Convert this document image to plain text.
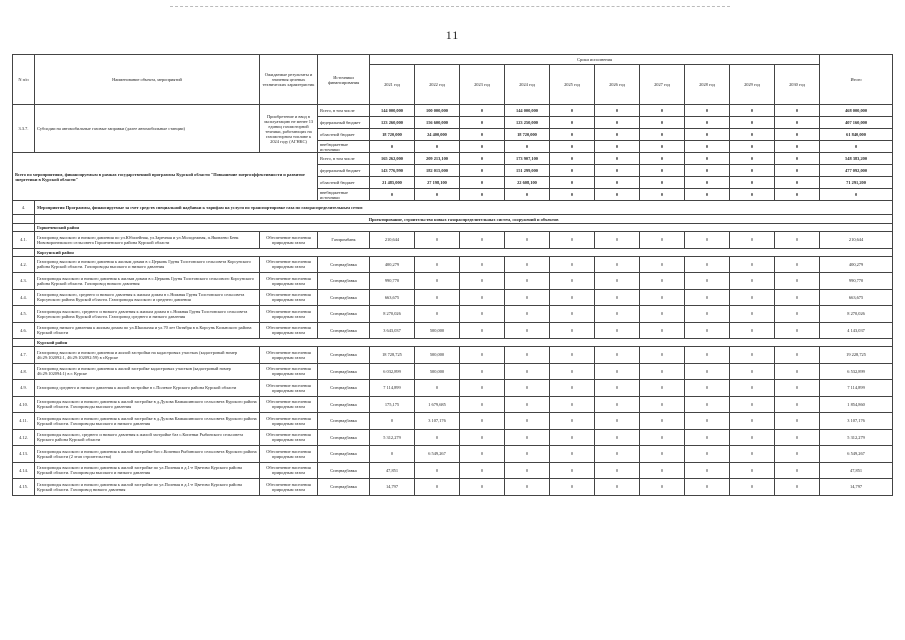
11
N п/п	Наименование объекта, мероприятий	Ожидаемые результаты и значения целевых технических характеристик	Источники финансирования	Сроки исполнения										Итого
				2021 год	2022 год	2023 год	2024 год	2025 год	2026 год	2027 год	2028 год	2029 год	2030 год	
3.3.7.	Субсидии на автомобильные газовые заправки (далее автомобильные станции)	Приобретение и ввод в эксплуатацию не менее 13 единиц газомоторной техники, работающих на газомоторном топливе к 2024 году (АГНКС)	Всего, в том числе	144 000,000	100 000,000	0	144 000,000	0	0	0	0	0	0	468 000,000
			федеральный бюджет	123 260,000	156 600,000	0	123 250,000	0	0	0	0	0	0	407 160,000
			областной бюджет	18 720,000	24 400,000	0	18 720,000	0	0	0	0	0	0	61 840,000
			внебюджетные источники	0	0	0	0	0	0	0	0	0	0	0
Всего по мероприятиям, финансируемым в рамках государственной программы Курской области "Повышение энергоэффективности и развитие энергетики в Курской области"			Всего, в том числе	165 262,000	209 213,100	0	173 907,100	0	0	0	0	0	0	548 383,200
			федеральный бюджет	143 776,990	182 015,000	0	151 299,000	0	0	0	0	0	0	477 092,000
			областной бюджет	21 485,000	27 198,100	0	22 608,100	0	0	0	0	0	0	71 291,200
			внебюджетные источники	0	0	0	0	0	0	0	0	0	0	0
4.	Мероприятия Программы, финансируемые за счет средств специальной надбавки к тарифам на услуги по транспортировке газа по газораспределительным сетям													
	Проектирование, строительство новых газораспределительных систем, сооружений и объектов													
	Горшеченский район													
4.1.	Газопровод высокого и низкого давления по ул.Юбилейная, ул.Заречная и ул.Молодежная, п.Яковлево Бенк Нововоронежского сельсовета Горшеченского района Курской области	Обеспечение населения природным газом	Газпромбанк	210,644	0	0	0	0	0	0	0	0	0	210,644
	Корсунский район													
4.2.	Газопровод высокого и низкого давления к жилым домам в с.Церковь Груня Толстовского сельсовета Корсунского района Курской области. Газопроводы высокого и низкого давления	Обеспечение населения природным газом	Спецнадбавка	400,279	0	0	0	0	0	0	0	0	0	400,279
4.3.	Газопроводы высокого и низкого давления к жилым домам в с.Церковь Груня Толстовского сельсового Корсунского района Курской области. Газопровод низкого давления	Обеспечение населения природным газом	Спецнадбавка	990,770	0	0	0	0	0	0	0	0	0	990,770
4.4.	Газопровод высокого, среднего и низкого давления к жилым домам в с.Нижняя Груня Толстовского сельсовета Корсунского района Курской области. Газопроводы высокого и среднего давления	Обеспечение населения природным газом	Спецнадбавка	663,675	0	0	0	0	0	0	0	0	0	663,675
4.5.	Газопроводы высокого, среднего и низкого давления к жилым домам в с.Нижняя Груня Толстовского сельсовета Корсунского района Курской области. Газопровод среднего и низкого давления	Обеспечение населения природным газом	Спецнадбавка	8 270,026	0	0	0	0	0	0	0	0	0	8 270,026
4.6.	Газопровод низкого давления к жилым домам по ул.Школьная и ул.70 лет Октября в п.Корсунь Кольнского района Курской области	Обеспечение населения природным газом	Спецнадбавка	3 643,037	500,000	0	0	0	0	0	0	0	0	4 143,037
	Курский район													
4.7.	Газопровод высокого и низкого давления и жилой застройки на кадастровых участках (кадастровый номер 46:29:102092:1, 46:29:102092:59) в г.Курске	Обеспечение населения природным газом	Спецнадбавка	18 728,725	500,000	0	0	0	0	0	0	0	0	19 228,725
4.8.	Газопровод высокого и низкого давления к жилой застройке кадастровых участков (кадастровый номер 46:29:102094:1) в г. Курске	Обеспечение населения природным газом	Спецнадбавка	6 032,899	500,000	0	0	0	0	0	0	0	0	6 532,899
4.9.	Газопровод среднего и низкого давления к жилой застройке в с.Полевое Курского района Курской области	Обеспечение населения природным газом	Спецнадбавка	7 114,899	0	0	0	0	0	0	0	0	0	7 114,899
4.10.	Газопроводы высокого и низкого давления к жилой застройке в д.Духова Камышинского сельсовета Курского района Курской области. Газопроводы высокого давления	Обеспечение населения природным газом	Спецнадбавка	175,175	1 679,685	0	0	0	0	0	0	0	0	1 854,860
4.11.	Газопроводы высокого и низкого давления к жилой застройке в д.Духова Камышинского сельсовета Курского района Курской области. Газопроводы высокого и низкого давления	Обеспечение населения природным газом	Спецнадбавка	0	3 107,176	0	0	0	0	0	0	0	0	3 107,176
4.12.	Газопроводы высокого, среднего и низкого давления к жилой застройке баз с.Копенки Рыбинского сельсовета Курского района Курской области	Обеспечение населения природным газом	Спецнадбавка	5 312,279	0	0	0	0	0	0	0	0	0	5 312,279
4.13.	Газопроводы высокого и низкого давления к жилой застройке баз с.Копенки Рыбинского сельсовета Курского района Курской области (2 этап строительства)	Обеспечение населения природным газом	Спецнадбавка	0	6 549,267	0	0	0	0	0	0	0	0	6 549,267
4.14.	Газопроводы высокого и низкого давления к жилой застройке по ул.Полевая в д.1-е Цветово Курского района Курской области. Газопроводы высокого и низкого давления	Обеспечение населения природным газом	Спецнадбавка	47,851	0	0	0	0	0	0	0	0	0	47,851
4.15.	Газопроводы высокого и низкого давления к жилой застройке по ул.Полевая в д.1-е Цветово Курского района Курской области. Газопровод низкого давления	Обеспечение населения природным газом	Спецнадбавка	14,797	0	0	0	0	0	0	0	0	0	14,797
